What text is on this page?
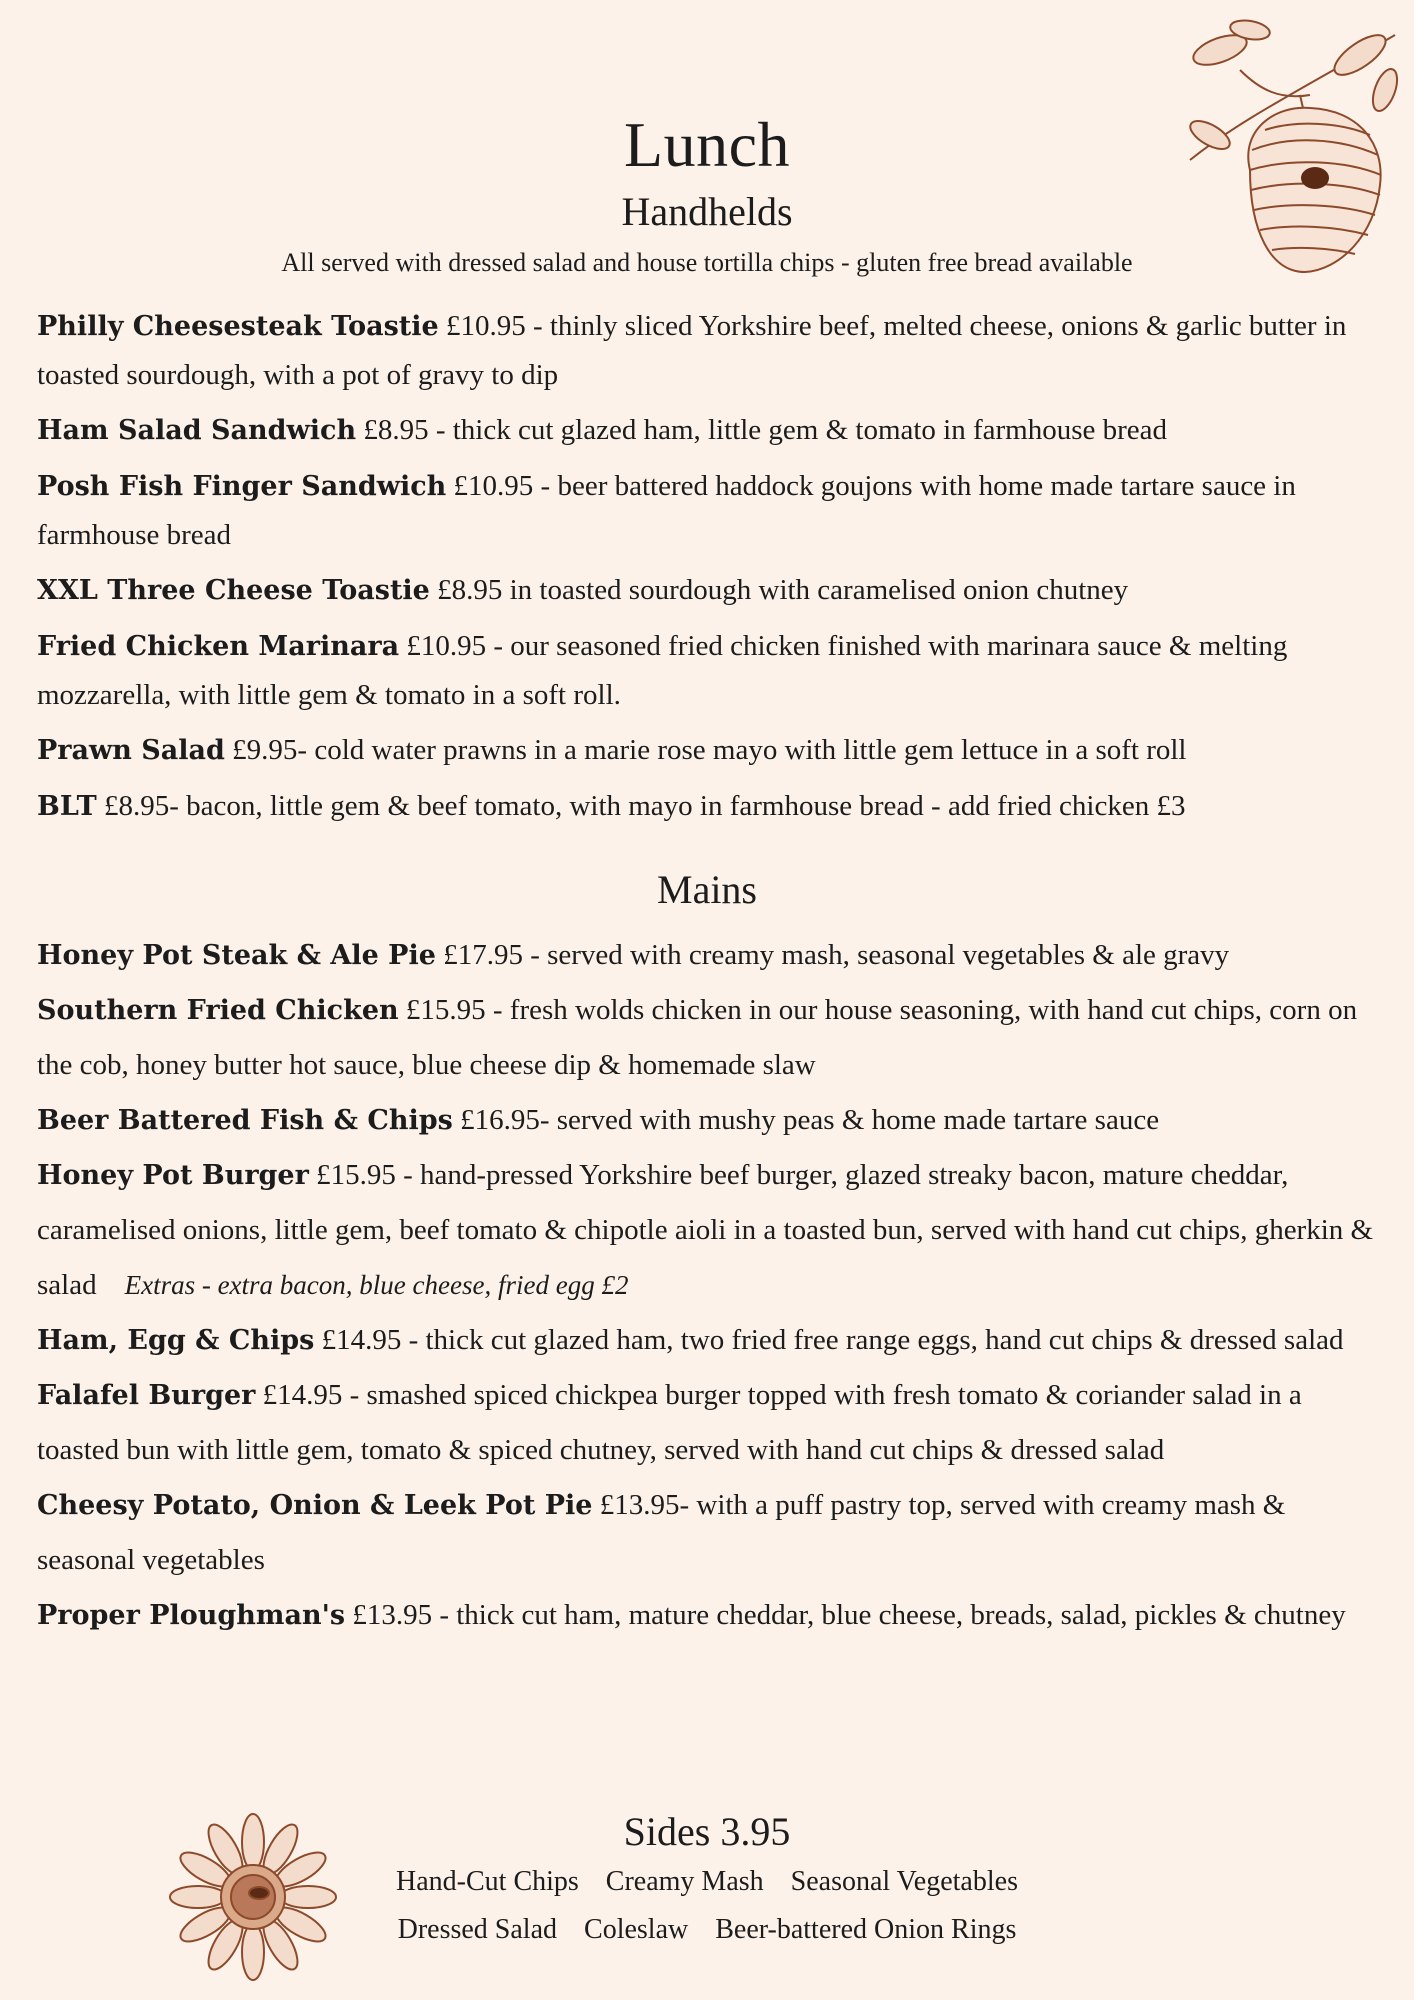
Lunch
Handhelds

All served with dressed salad and house tortilla chips - gluten free bread available

Philly Cheesesteak Toastie £10.95 - thinly sliced Yorkshire beef, melted cheese, onions & garlic butter in toasted sourdough, with a pot of gravy to dip
Ham Salad Sandwich £8.95 - thick cut glazed ham, little gem & tomato in farmhouse bread
Posh Fish Finger Sandwich £10.95 - beer battered haddock goujons with home made tartare sauce in farmhouse bread
XXL Three Cheese Toastie £8.95 in toasted sourdough with caramelised onion chutney
Fried Chicken Marinara £10.95 - our seasoned fried chicken finished with marinara sauce & melting mozzarella, with little gem & tomato in a soft roll.
Prawn Salad £9.95- cold water prawns in a marie rose mayo with little gem lettuce in a soft roll
BLT £8.95- bacon, little gem & beef tomato, with mayo in farmhouse bread - add fried chicken £3
Mains
Honey Pot Steak & Ale Pie £17.95 - served with creamy mash, seasonal vegetables & ale gravy
Southern Fried Chicken £15.95 - fresh wolds chicken in our house seasoning, with hand cut chips, corn on the cob, honey butter hot sauce, blue cheese dip & homemade slaw
Beer Battered Fish & Chips £16.95- served with mushy peas & home made tartare sauce
Honey Pot Burger £15.95 - hand-pressed Yorkshire beef burger, glazed streaky bacon, mature cheddar, caramelised onions, little gem, beef tomato & chipotle aioli in a toasted bun, served with hand cut chips, gherkin & salad Extras - extra bacon, blue cheese, fried egg £2
Ham, Egg & Chips £14.95 - thick cut glazed ham, two fried free range eggs, hand cut chips & dressed salad
Falafel Burger £14.95 - smashed spiced chickpea burger topped with fresh tomato & coriander salad in a toasted bun with little gem, tomato & spiced chutney, served with hand cut chips & dressed salad
Cheesy Potato, Onion & Leek Pot Pie £13.95- with a puff pastry top, served with creamy mash & seasonal vegetables
Proper Ploughman's £13.95 - thick cut ham, mature cheddar, blue cheese, breads, salad, pickles & chutney
Sides 3.95

Hand-Cut Chips Creamy Mash Seasonal Vegetables

Dressed Salad Coleslaw Beer-battered Onion Rings
